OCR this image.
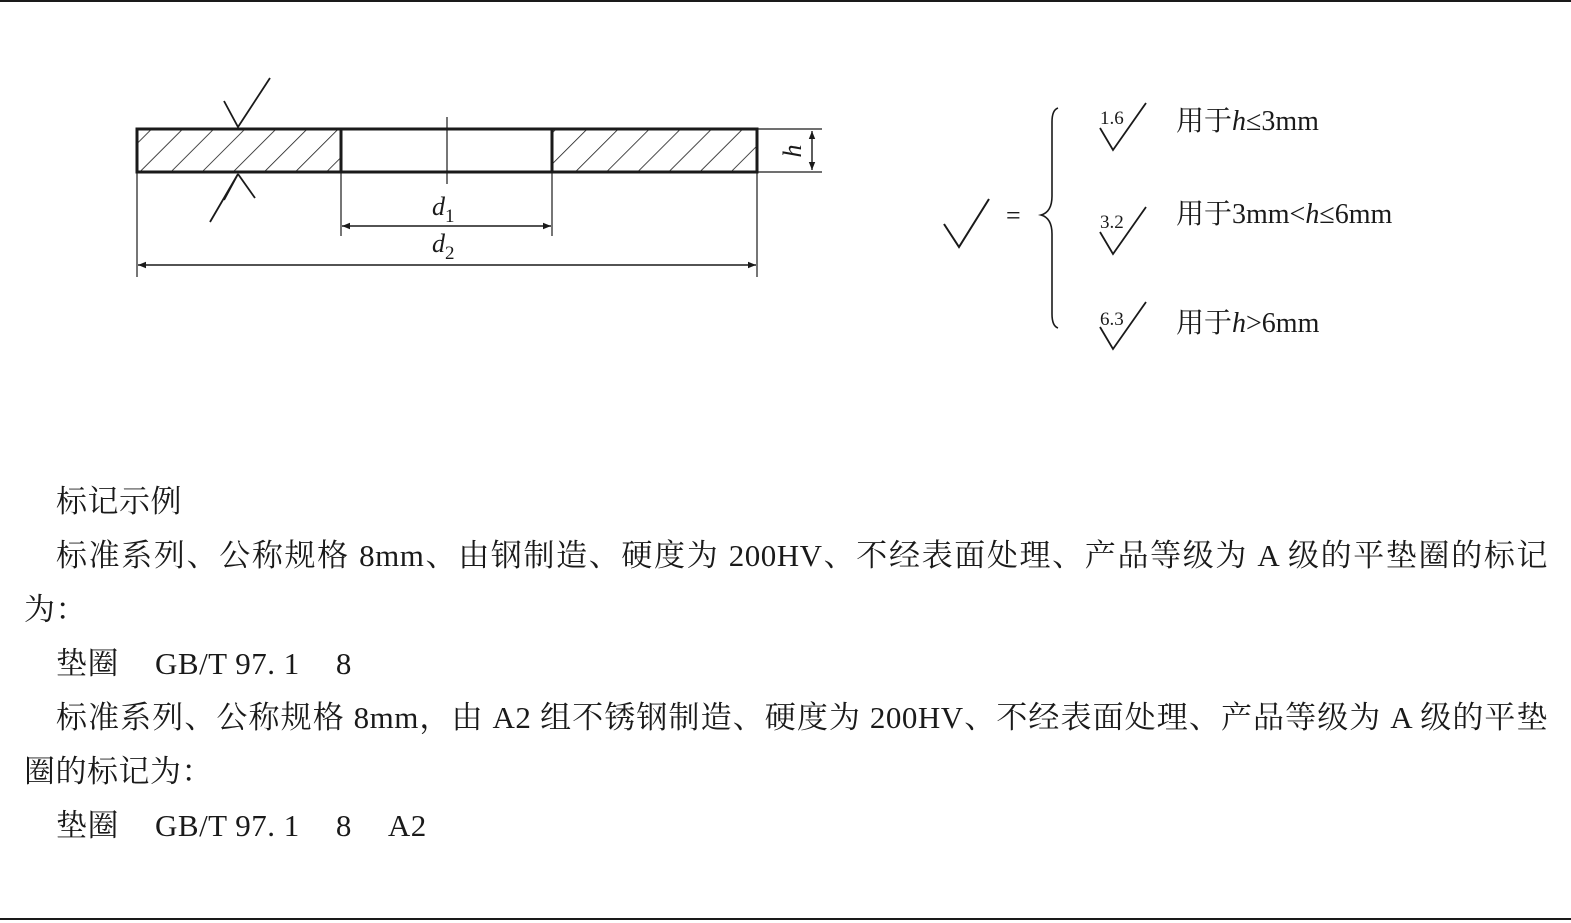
$d_1$
$d_2$
h
=
1.6
3.2
6.3
用于h≤3mm
用于3mm<h≤6mm
用于h>6mm

标记示例

标准系列、公称规格 8mm、由钢制造、硬度为 200HV、不经表面处理、产品等级为 A 级的平垫圈的标记为：

垫圈 GB/T 97. 1 8

标准系列、公称规格 8mm，由 A2 组不锈钢制造、硬度为 200HV、不经表面处理、产品等级为 A 级的平垫圈的标记为：

垫圈 GB/T 97. 1 8 A2
